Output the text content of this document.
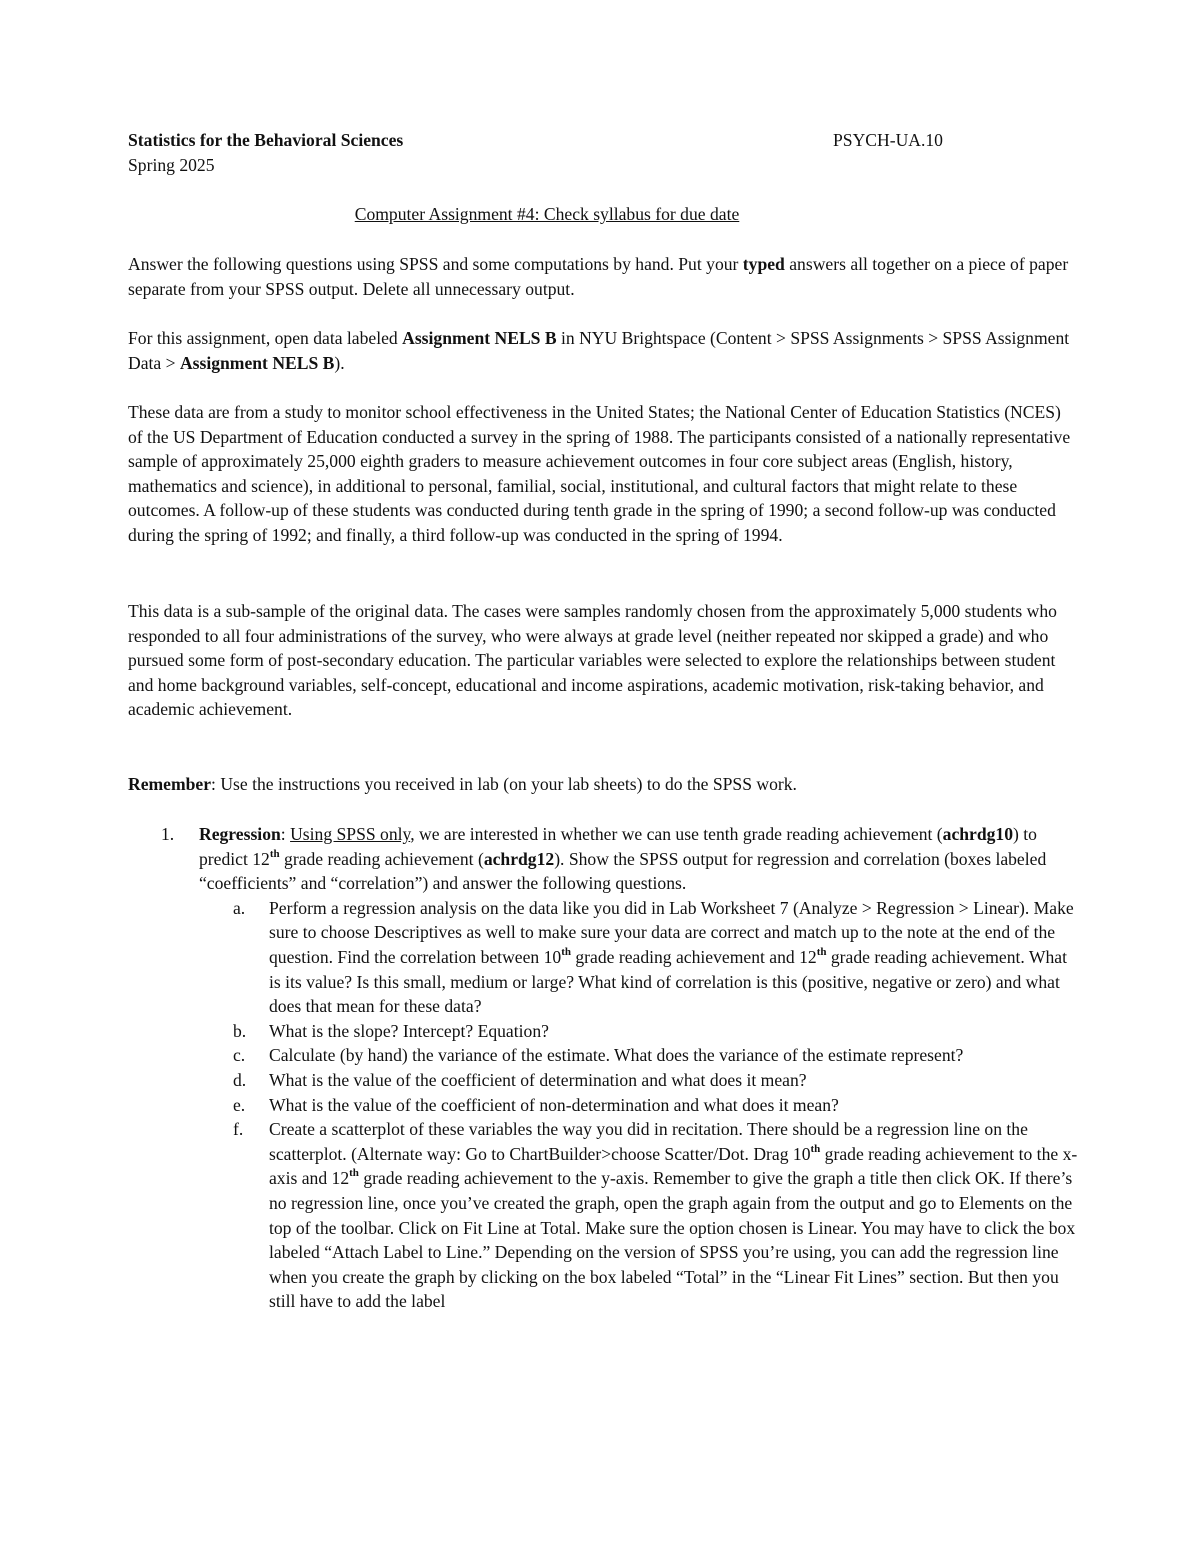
Statistics for the Behavioral Sciences	PSYCH-UA.10
Spring 2025
Computer Assignment #4: Check syllabus for due date

Answer the following questions using SPSS and some computations by hand. Put your typed answers all together on a piece of paper separate from your SPSS output. Delete all unnecessary output.

For this assignment, open data labeled Assignment NELS B in NYU Brightspace (Content > SPSS Assignments > SPSS Assignment Data > Assignment NELS B).

These data are from a study to monitor school effectiveness in the United States; the National Center of Education Statistics (NCES) of the US Department of Education conducted a survey in the spring of 1988. The participants consisted of a nationally representative sample of approximately 25,000 eighth graders to measure achievement outcomes in four core subject areas (English, history, mathematics and science), in additional to personal, familial, social, institutional, and cultural factors that might relate to these outcomes. A follow-up of these students was conducted during tenth grade in the spring of 1990; a second follow-up was conducted during the spring of 1992; and finally, a third follow-up was conducted in the spring of 1994.

This data is a sub-sample of the original data. The cases were samples randomly chosen from the approximately 5,000 students who responded to all four administrations of the survey, who were always at grade level (neither repeated nor skipped a grade) and who pursued some form of post-secondary education. The particular variables were selected to explore the relationships between student and home background variables, self-concept, educational and income aspirations, academic motivation, risk-taking behavior, and academic achievement.

Remember: Use the instructions you received in lab (on your lab sheets) to do the SPSS work.

1. Regression: Using SPSS only, we are interested in whether we can use tenth grade reading achievement (achrdg10) to predict 12th grade reading achievement (achrdg12). Show the SPSS output for regression and correlation (boxes labeled “coefficients” and “correlation”) and answer the following questions.
a. Perform a regression analysis on the data like you did in Lab Worksheet 7 (Analyze > Regression > Linear). Make sure to choose Descriptives as well to make sure your data are correct and match up to the note at the end of the question. Find the correlation between 10th grade reading achievement and 12th grade reading achievement. What is its value? Is this small, medium or large? What kind of correlation is this (positive, negative or zero) and what does that mean for these data?
b. What is the slope? Intercept? Equation?
c. Calculate (by hand) the variance of the estimate. What does the variance of the estimate represent?
d. What is the value of the coefficient of determination and what does it mean?
e. What is the value of the coefficient of non-determination and what does it mean?
f. Create a scatterplot of these variables the way you did in recitation. There should be a regression line on the scatterplot. (Alternate way: Go to ChartBuilder>choose Scatter/Dot. Drag 10th grade reading achievement to the x-axis and 12th grade reading achievement to the y-axis. Remember to give the graph a title then click OK. If there’s no regression line, once you’ve created the graph, open the graph again from the output and go to Elements on the top of the toolbar. Click on Fit Line at Total. Make sure the option chosen is Linear. You may have to click the box labeled “Attach Label to Line.” Depending on the version of SPSS you’re using, you can add the regression line when you create the graph by clicking on the box labeled “Total” in the “Linear Fit Lines” section. But then you still have to add the label
